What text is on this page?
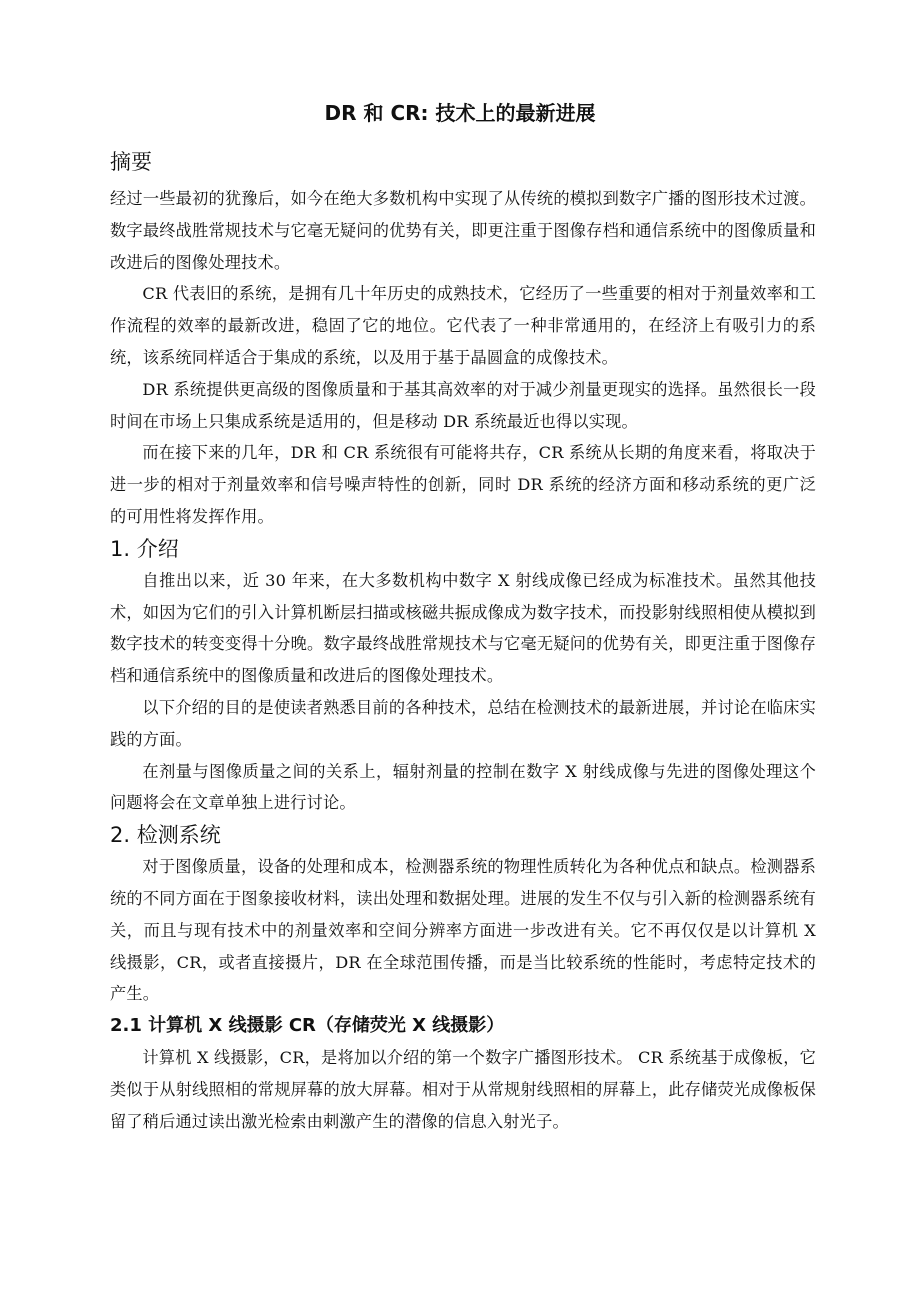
DR 和 CR: 技术上的最新进展
摘要

经过一些最初的犹豫后，如今在绝大多数机构中实现了从传统的模拟到数字广播的图形技术过渡。数字最终战胜常规技术与它毫无疑问的优势有关，即更注重于图像存档和通信系统中的图像质量和改进后的图像处理技术。

CR 代表旧的系统，是拥有几十年历史的成熟技术，它经历了一些重要的相对于剂量效率和工作流程的效率的最新改进，稳固了它的地位。它代表了一种非常通用的，在经济上有吸引力的系统，该系统同样适合于集成的系统，以及用于基于晶圆盒的成像技术。

DR 系统提供更高级的图像质量和于基其高效率的对于减少剂量更现实的选择。虽然很长一段时间在市场上只集成系统是适用的，但是移动 DR 系统最近也得以实现。

而在接下来的几年，DR 和 CR 系统很有可能将共存，CR 系统从长期的角度来看，将取决于进一步的相对于剂量效率和信号噪声特性的创新，同时 DR 系统的经济方面和移动系统的更广泛的可用性将发挥作用。

1. 介绍

自推出以来，近 30 年来，在大多数机构中数字 X 射线成像已经成为标准技术。虽然其他技术，如因为它们的引入计算机断层扫描或核磁共振成像成为数字技术，而投影射线照相使从模拟到数字技术的转变变得十分晚。数字最终战胜常规技术与它毫无疑问的优势有关，即更注重于图像存档和通信系统中的图像质量和改进后的图像处理技术。

以下介绍的目的是使读者熟悉目前的各种技术，总结在检测技术的最新进展，并讨论在临床实践的方面。

在剂量与图像质量之间的关系上，辐射剂量的控制在数字 X 射线成像与先进的图像处理这个问题将会在文章单独上进行讨论。

2. 检测系统

对于图像质量，设备的处理和成本，检测器系统的物理性质转化为各种优点和缺点。检测器系统的不同方面在于图象接收材料，读出处理和数据处理。进展的发生不仅与引入新的检测器系统有关，而且与现有技术中的剂量效率和空间分辨率方面进一步改进有关。它不再仅仅是以计算机 X 线摄影，CR，或者直接摄片，DR 在全球范围传播，而是当比较系统的性能时，考虑特定技术的产生。

2.1 计算机 X 线摄影 CR（存储荧光 X 线摄影）

计算机 X 线摄影，CR，是将加以介绍的第一个数字广播图形技术。 CR 系统基于成像板，它类似于从射线照相的常规屏幕的放大屏幕。相对于从常规射线照相的屏幕上，此存储荧光成像板保留了稍后通过读出激光检索由刺激产生的潜像的信息入射光子。
